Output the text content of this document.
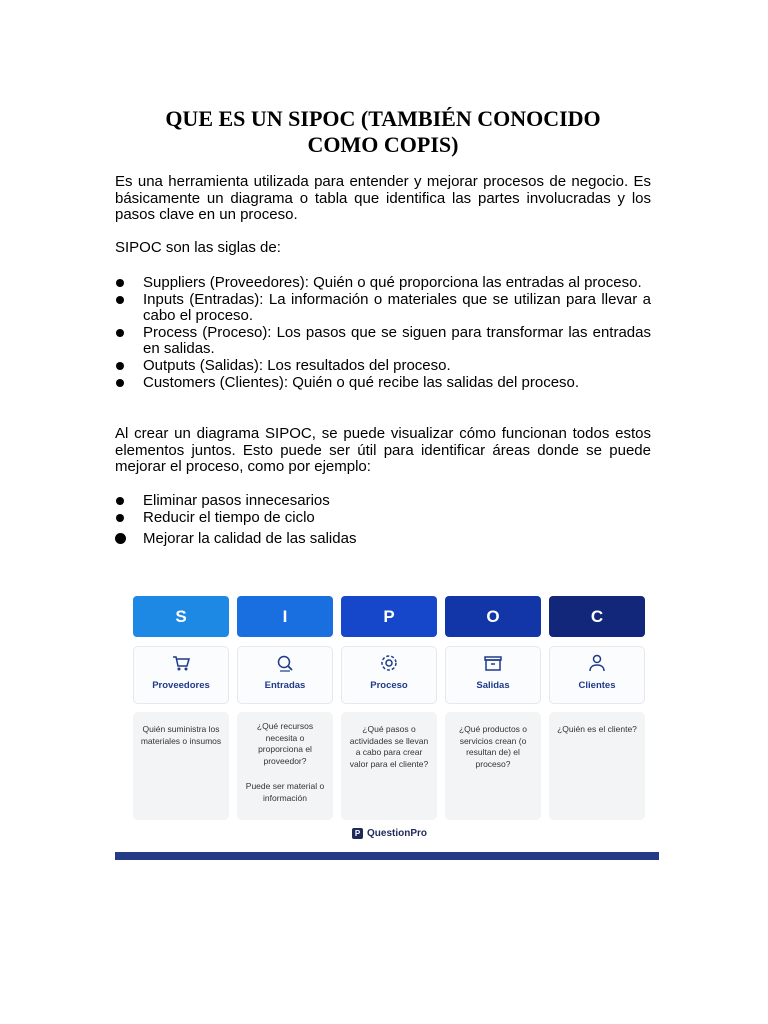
QUE ES UN SIPOC (TAMBIÉN CONOCIDO
COMO COPIS)

Es una herramienta utilizada para entender y mejorar procesos de negocio. Es básicamente un diagrama o tabla que identifica las partes involucradas y los pasos clave en un proceso.

SIPOC son las siglas de:

Suppliers (Proveedores): Quién o qué proporciona las entradas al proceso.
Inputs (Entradas): La información o materiales que se utilizan para llevar a cabo el proceso.
Process (Proceso): Los pasos que se siguen para transformar las entradas en salidas.
Outputs (Salidas): Los resultados del proceso.
Customers (Clientes): Quién o qué recibe las salidas del proceso.

Al crear un diagrama SIPOC, se puede visualizar cómo funcionan todos estos elementos juntos. Esto puede ser útil para identificar áreas donde se puede mejorar el proceso, como por ejemplo:

Eliminar pasos innecesarios
Reducir el tiempo de ciclo
Mejorar la calidad de las salidas
S
Proveedores
Quién suministra los materiales o insumos
I
Entradas
¿Qué recursos necesita o proporciona el proveedor?
Puede ser material o información
P
Proceso
¿Qué pasos o actividades se llevan a cabo para crear valor para el cliente?
O
Salidas
¿Qué productos o servicios crean (o resultan de) el proceso?
C
Clientes
¿Quién es el cliente?
P QuestionPro
